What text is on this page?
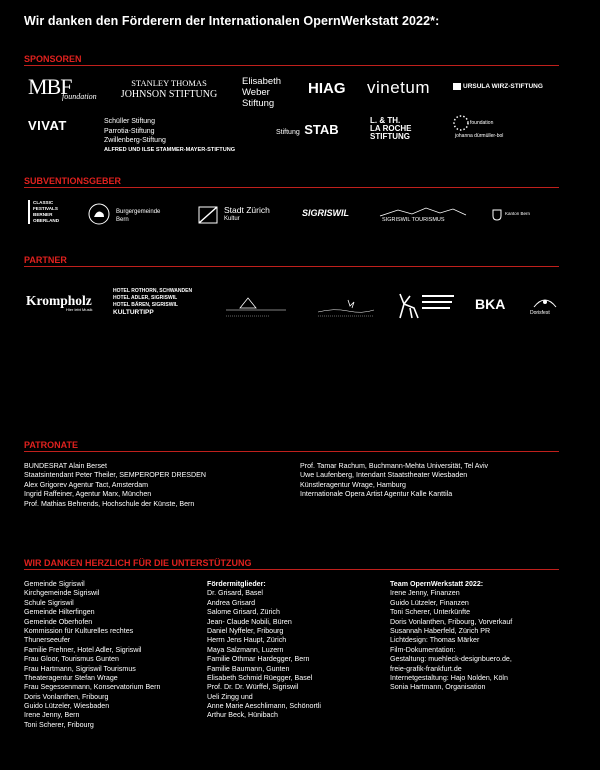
Wir danken den Förderern der Internationalen OpernWerkstatt 2022*:
SPONSOREN
MBF
foundation
STANLEY THOMAS
JOHNSON STIFTUNG
Elisabeth
Weber
Stiftung
HIAG vinetum	URSULA WIRZ-STIFTUNG
VIVAT	Schüller Stiftung
Parrotia-Stiftung
Zwillenberg-Stiftung
ALFRED UND ILSE STAMMER-MAYER-STIFTUNG
Stiftung STAB
L. & TH.
LA ROCHE
STIFTUNG
foundation
johanna dürmüller-bol
SUBVENTIONSGEBER
CLASSIC
FESTIVALS
BERNER
OBERLAND
Burgergemeinde
Bern
Stadt Zürich
Kultur
SIGRISWIL
SIGRISWIL TOURISMUS
Kanton Bern
PARTNER
Krompholz
Hier lebt Musik
HOTEL ROTHORN, SCHWANDEN
HOTEL ADLER, SIGRISWIL
HOTEL BÄREN, SIGRISWIL
KULTURTIPP
BKA
Dorisfest
PATRONATE
BUNDESRAT Alain Berset
Staatsintendant Peter Theiler, SEMPEROPER DRESDEN
Alex Grigorev Agentur Tact, Amsterdam
Ingrid Raffeiner, Agentur Marx, München
Prof. Mathias Behrends, Hochschule der Künste, Bern
Prof. Tamar Rachum, Buchmann-Mehta Universität, Tel Aviv
Uwe Laufenberg, Intendant Staatstheater Wiesbaden
Künstleragentur Wrage, Hamburg
Internationale Opera Artist Agentur Kalle Kanttila
WIR DANKEN HERZLICH FÜR DIE UNTERSTÜTZUNG
Gemeinde Sigriswil
Kirchgemeinde Sigriswil
Schule Sigriswil
Gemeinde Hilterfingen
Gemeinde Oberhofen
Kommission für Kulturelles rechtes
Thunerseeufer
Familie Frehner, Hotel Adler, Sigriswil
Frau Gloor, Tourismus Gunten
Frau Hartmann, Sigriswil Tourismus
Theateragentur Stefan Wrage
Frau Segessenmann, Konservatorium Bern
Doris Vonlanthen, Fribourg
Guido Lützeler, Wiesbaden
Irene Jenny, Bern
Toni Scherer, Fribourg
Fördermitglieder:
Dr. Grisard, Basel
Andrea Grisard
Salome Grisard, Zürich
Jean- Claude Nobili, Büren
Daniel Nyffeler, Fribourg
Herrn Jens Haupt, Zürich
Maya Salzmann, Luzern
Familie Othmar Hardegger, Bern
Familie Baumann, Gunten
Elisabeth Schmid Rüegger, Basel
Prof. Dr. Dr. Würffel, Sigriswil
Ueli Zingg und
Anne Marie Aeschlimann, Schönortli
Arthur Beck, Hünibach
Team OpernWerkstatt 2022:
Irene Jenny, Finanzen
Guido Lützeler, Finanzen
Toni Scherer, Unterkünfte
Doris Vonlanthen, Fribourg, Vorverkauf
Susannah Haberfeld, Zürich PR
Lichtdesign: Thomas Märker
Film-Dokumentation:
Gestaltung: muehleck-designbuero.de,
freie-grafik-frankfurt.de
Internetgestaltung: Hajo Nolden, Köln
Sonia Hartmann, Organisation
